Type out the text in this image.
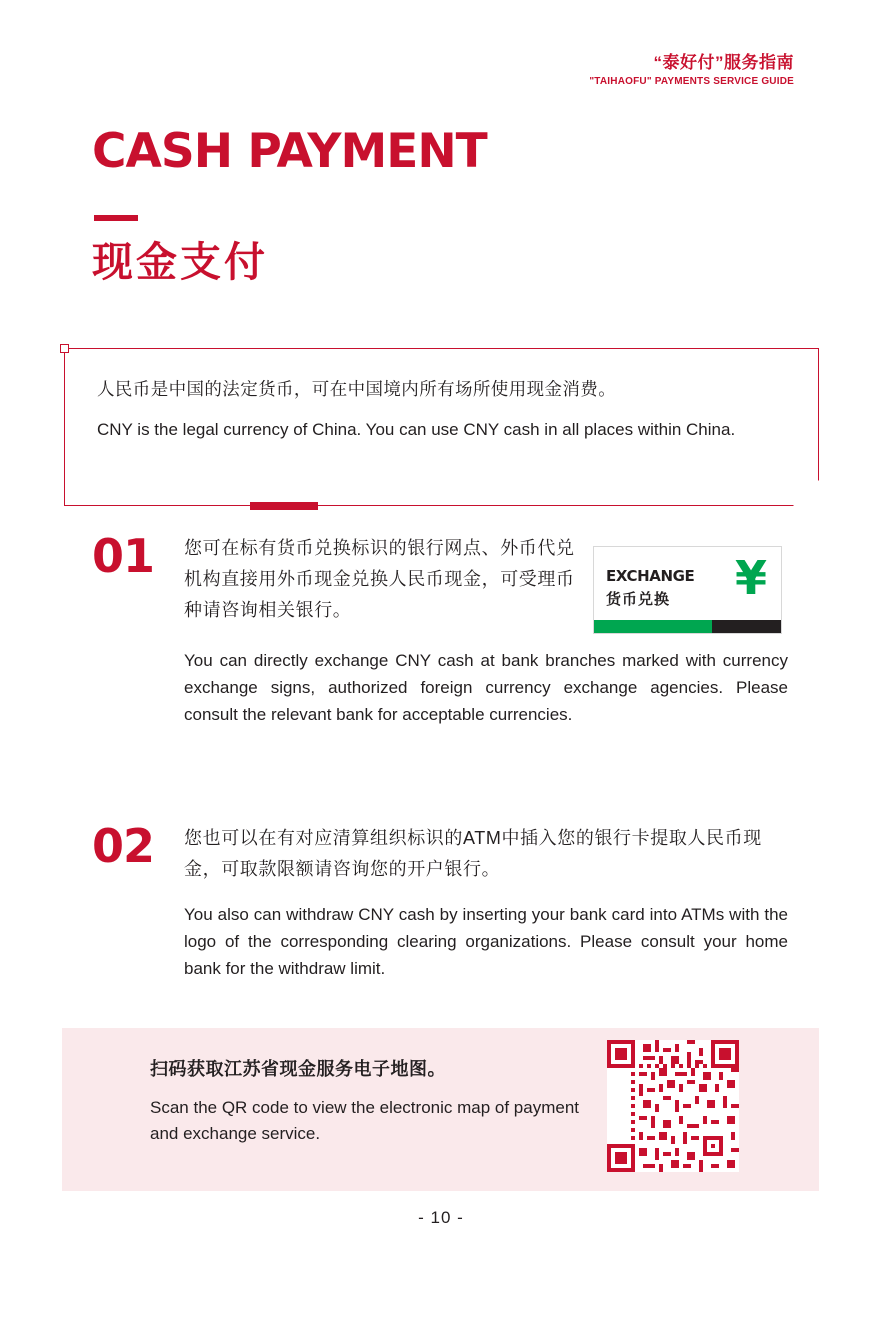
“泰好付”服务指南
"TAIHAOFU" PAYMENTS SERVICE GUIDE
CASH PAYMENT
现金支付
人民币是中国的法定货币，可在中国境内所有场所使用现金消费。
CNY is the legal currency of China. You can use CNY cash in all places within China.
01 您可在标有货币兑换标识的银行网点、外币代兑机构直接用外币现金兑换人民币现金，可受理币种请咨询相关银行。
You can directly exchange CNY cash at bank branches marked with currency exchange signs, authorized foreign currency exchange agencies. Please consult the relevant bank for acceptable currencies.
EXCHANGE
货币兑换 ¥
02 您也可以在有对应清算组织标识的ATM中插入您的银行卡提取人民币现金，可取款限额请咨询您的开户银行。
You also can withdraw CNY cash by inserting your bank card into ATMs with the logo of the corresponding clearing organizations. Please consult your home bank for the withdraw limit.
扫码获取江苏省现金服务电子地图。
Scan the QR code to view the electronic map of payment and exchange service.
- 10 -
